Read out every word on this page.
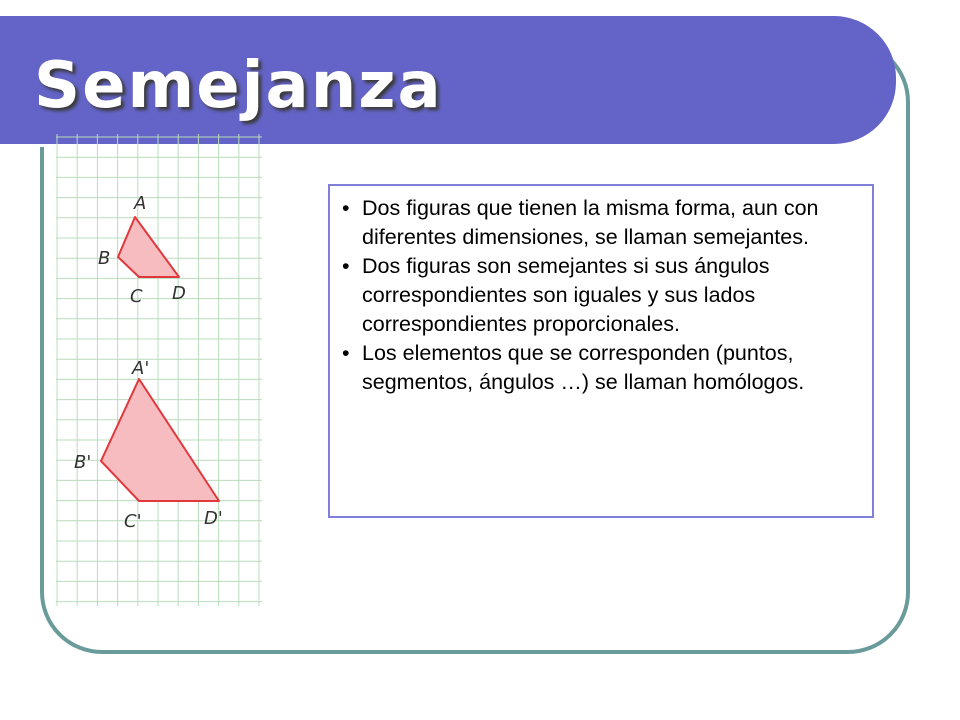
Semejanza
A
B
C D
A'
B'
C'	D'
• Dos figuras que tienen la misma forma, aun con diferentes dimensiones, se llaman semejantes.
• Dos figuras son semejantes si sus ángulos correspondientes son iguales y sus lados correspondientes proporcionales.
• Los elementos que se corresponden (puntos, segmentos, ángulos …) se llaman homólogos.
